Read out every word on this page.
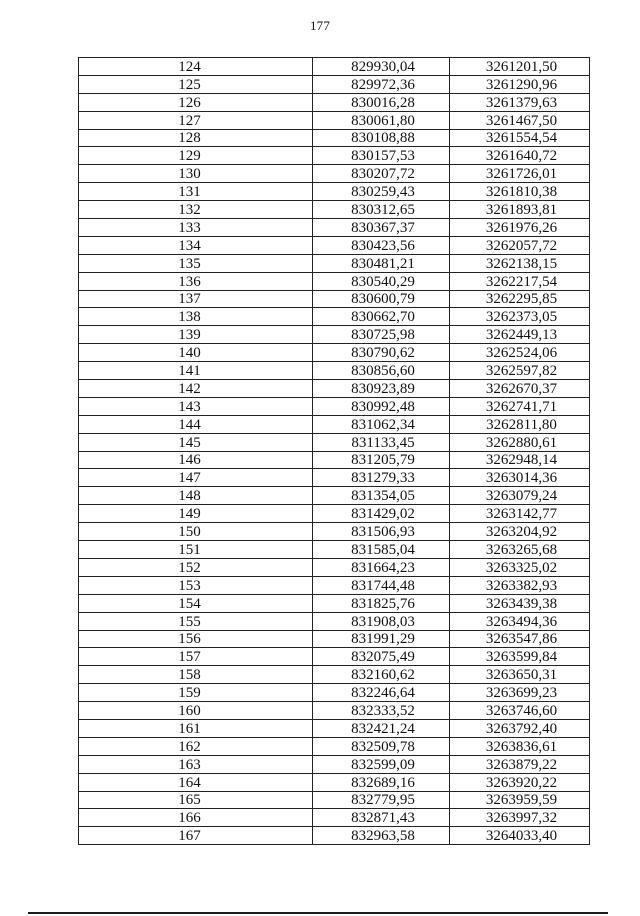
177
124	829930,04	3261201,50
125	829972,36	3261290,96
126	830016,28	3261379,63
127	830061,80	3261467,50
128	830108,88	3261554,54
129	830157,53	3261640,72
130	830207,72	3261726,01
131	830259,43	3261810,38
132	830312,65	3261893,81
133	830367,37	3261976,26
134	830423,56	3262057,72
135	830481,21	3262138,15
136	830540,29	3262217,54
137	830600,79	3262295,85
138	830662,70	3262373,05
139	830725,98	3262449,13
140	830790,62	3262524,06
141	830856,60	3262597,82
142	830923,89	3262670,37
143	830992,48	3262741,71
144	831062,34	3262811,80
145	831133,45	3262880,61
146	831205,79	3262948,14
147	831279,33	3263014,36
148	831354,05	3263079,24
149	831429,02	3263142,77
150	831506,93	3263204,92
151	831585,04	3263265,68
152	831664,23	3263325,02
153	831744,48	3263382,93
154	831825,76	3263439,38
155	831908,03	3263494,36
156	831991,29	3263547,86
157	832075,49	3263599,84
158	832160,62	3263650,31
159	832246,64	3263699,23
160	832333,52	3263746,60
161	832421,24	3263792,40
162	832509,78	3263836,61
163	832599,09	3263879,22
164	832689,16	3263920,22
165	832779,95	3263959,59
166	832871,43	3263997,32
167	832963,58	3264033,40
